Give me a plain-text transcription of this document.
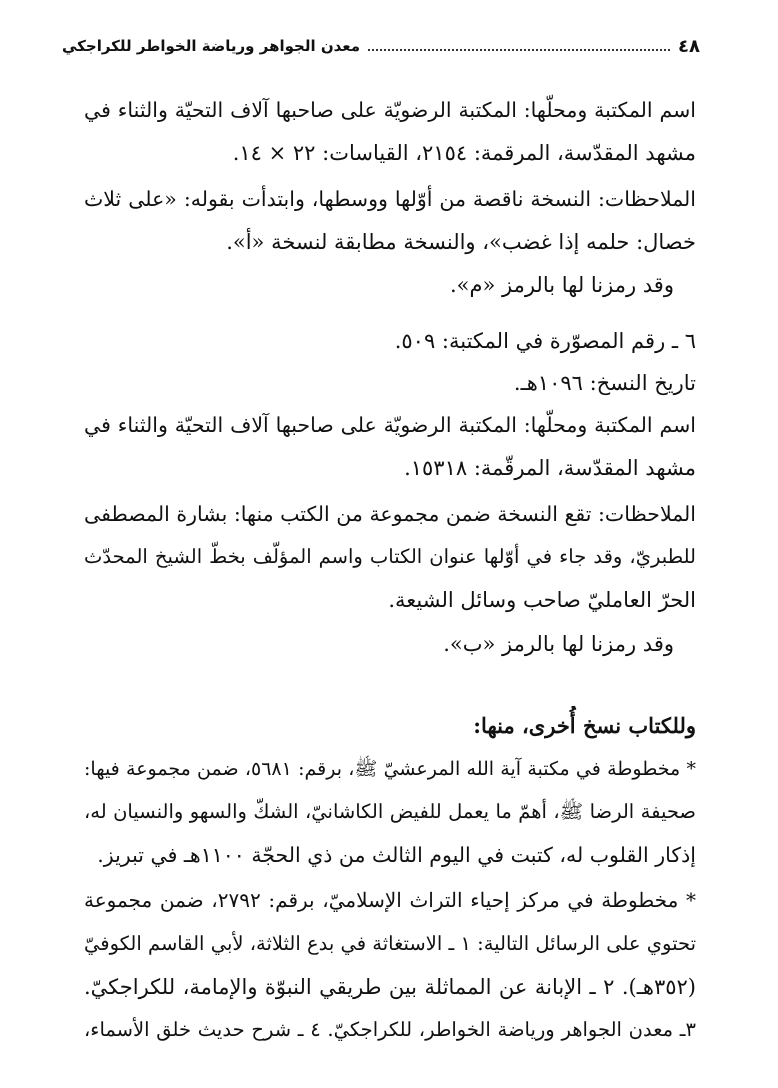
٤٨
معدن الجواهر ورياضة الخواطر للكراجكي
اسم المكتبة ومحلّها: المكتبة الرضويّة على صاحبها آلاف التحيّة والثناء في
مشهد المقدّسة، المرقمة: ٢١٥٤، القياسات: ٢٢ × ١٤.
الملاحظات: النسخة ناقصة من أوّلها ووسطها، وابتدأت بقوله: «على ثلاث
خصال: حلمه إذا غضب»، والنسخة مطابقة لنسخة «أ».
وقد رمزنا لها بالرمز «م».
٦ ـ رقم المصوّرة في المكتبة: ٥٠٩.
تاريخ النسخ: ١٠٩٦هـ.
اسم المكتبة ومحلّها: المكتبة الرضويّة على صاحبها آلاف التحيّة والثناء في
مشهد المقدّسة، المرقّمة: ١٥٣١٨.
الملاحظات: تقع النسخة ضمن مجموعة من الكتب منها: بشارة المصطفى
للطبريّ، وقد جاء في أوّلها عنوان الكتاب واسم المؤلّف بخطّ الشيخ المحدّث
الحرّ العامليّ صاحب وسائل الشيعة.
وقد رمزنا لها بالرمز «ب».
وللكتاب نسخ أُخرى، منها:
* مخطوطة في مكتبة آية الله المرعشيّ ﷺ، برقم: ٥٦٨١، ضمن مجموعة فيها:
صحيفة الرضا ﷺ، أهمّ ما يعمل للفيض الكاشانيّ، الشكّ والسهو والنسيان له،
إذكار القلوب له، كتبت في اليوم الثالث من ذي الحجّة ١١٠٠هـ في تبريز.
* مخطوطة في مركز إحياء التراث الإسلاميّ، برقم: ٢٧٩٢، ضمن مجموعة
تحتوي على الرسائل التالية: ١ ـ الاستغاثة في بدع الثلاثة، لأبي القاسم الكوفيّ
(٣٥٢هـ). ٢ ـ الإبانة عن المماثلة بين طريقي النبوّة والإمامة، للكراجكيّ.
٣ـ معدن الجواهر ورياضة الخواطر، للكراجكيّ. ٤ ـ شرح حديث خلق الأسماء،
